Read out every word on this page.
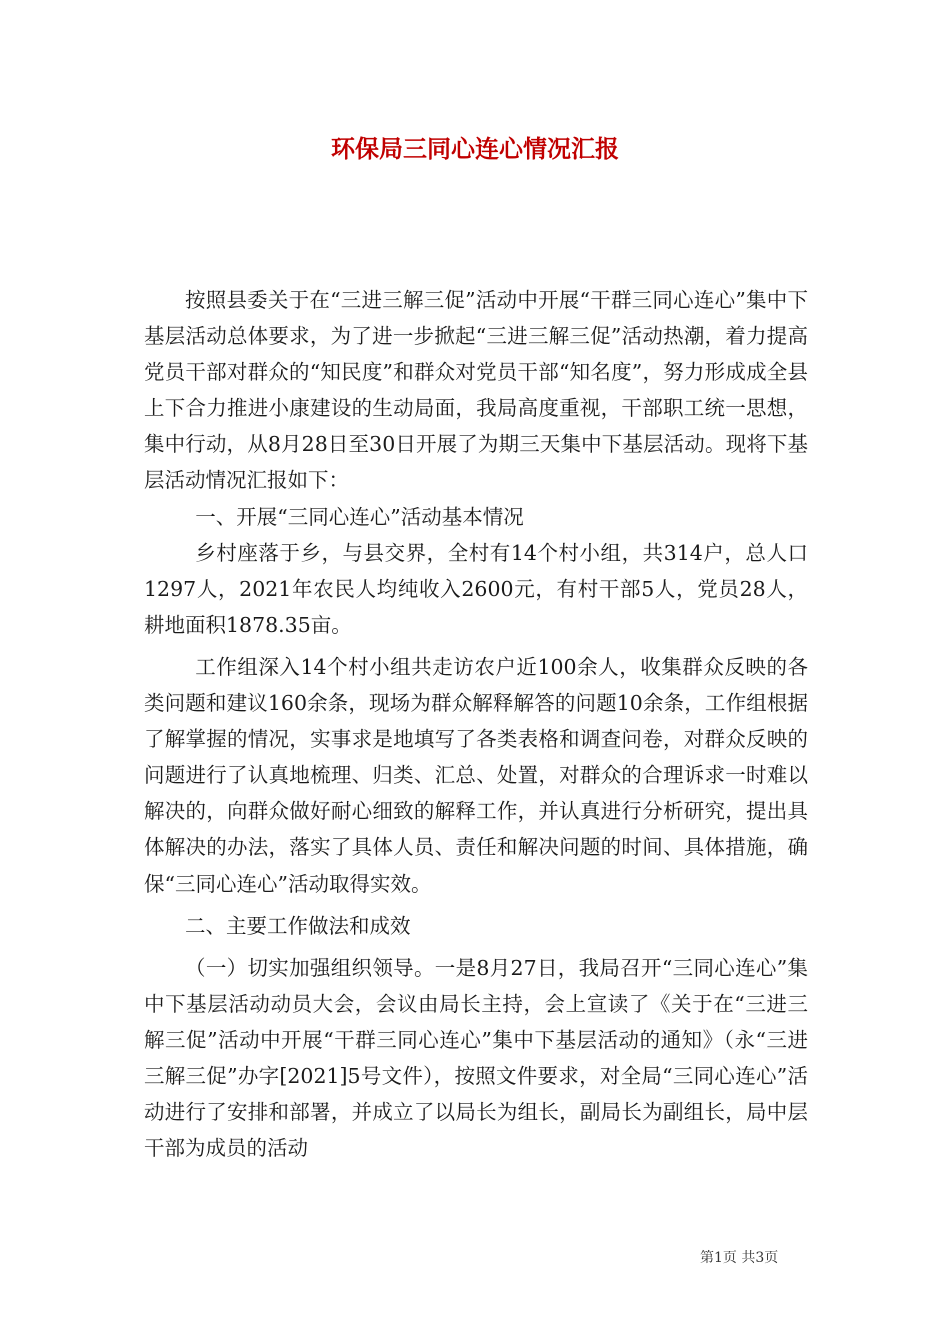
环保局三同心连心情况汇报

按照县委关于在“三进三解三促”活动中开展“干群三同心连心”集中下基层活动总体要求，为了进一步掀起“三进三解三促”活动热潮，着力提高党员干部对群众的“知民度”和群众对党员干部“知名度”，努力形成成全县上下合力推进小康建设的生动局面，我局高度重视，干部职工统一思想，集中行动，从8月28日至30日开展了为期三天集中下基层活动。现将下基层活动情况汇报如下：

一、开展“三同心连心”活动基本情况

乡村座落于乡，与县交界，全村有14个村小组，共314户，总人口1297人，2021年农民人均纯收入2600元，有村干部5人，党员28人，耕地面积1878.35亩。

工作组深入14个村小组共走访农户近100余人，收集群众反映的各类问题和建议160余条，现场为群众解释解答的问题10余条，工作组根据了解掌握的情况，实事求是地填写了各类表格和调查问卷，对群众反映的问题进行了认真地梳理、归类、汇总、处置，对群众的合理诉求一时难以解决的，向群众做好耐心细致的解释工作，并认真进行分析研究，提出具体解决的办法，落实了具体人员、责任和解决问题的时间、具体措施，确保“三同心连心”活动取得实效。

二、主要工作做法和成效

（一）切实加强组织领导。一是8月27日，我局召开“三同心连心”集中下基层活动动员大会，会议由局长主持，会上宣读了《关于在“三进三解三促”活动中开展“干群三同心连心”集中下基层活动的通知》（永“三进三解三促”办字[2021]5号文件），按照文件要求，对全局“三同心连心”活动进行了安排和部署，并成立了以局长为组长，副局长为副组长，局中层干部为成员的活动

第1页 共3页
